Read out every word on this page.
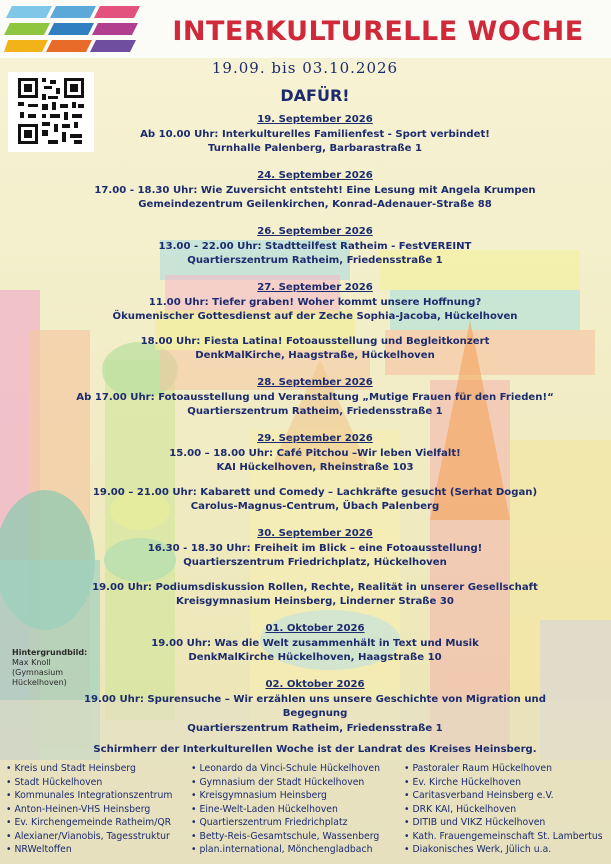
INTERKULTURELLE WOCHE
19.09. bis 03.10.2026
DAFÜR!
19. September 2026
Ab 10.00 Uhr: Interkulturelles Familienfest - Sport verbindet!
Turnhalle Palenberg, Barbarastraße 1
24. September 2026
17.00 - 18.30 Uhr: Wie Zuversicht entsteht! Eine Lesung mit Angela Krumpen
Gemeindezentrum Geilenkirchen, Konrad-Adenauer-Straße 88
26. September 2026
13.00 - 22.00 Uhr: Stadtteilfest Ratheim - FestVEREINT
Quartierszentrum Ratheim, Friedensstraße 1
27. September 2026
11.00 Uhr: Tiefer graben! Woher kommt unsere Hoffnung?
Ökumenischer Gottesdienst auf der Zeche Sophia-Jacoba, Hückelhoven
18.00 Uhr: Fiesta Latina! Fotoausstellung und Begleitkonzert
DenkMalKirche, Haagstraße, Hückelhoven
28. September 2026
Ab 17.00 Uhr: Fotoausstellung und Veranstaltung „Mutige Frauen für den Frieden!“
Quartierszentrum Ratheim, Friedensstraße 1
29. September 2026
15.00 – 18.00 Uhr: Café Pitchou –Wir leben Vielfalt!
KAI Hückelhoven, Rheinstraße 103
19.00 – 21.00 Uhr: Kabarett und Comedy – Lachkräfte gesucht (Serhat Dogan)
Carolus-Magnus-Centrum, Übach Palenberg
30. September 2026
16.30 - 18.30 Uhr: Freiheit im Blick – eine Fotoausstellung!
Quartierszentrum Friedrichplatz, Hückelhoven
19.00 Uhr: Podiumsdiskussion Rollen, Rechte, Realität in unserer Gesellschaft
Kreisgymnasium Heinsberg, Linderner Straße 30
01. Oktober 2026
19.00 Uhr: Was die Welt zusammenhält in Text und Musik
DenkMalKirche Hückelhoven, Haagstraße 10
02. Oktober 2026
19.00 Uhr: Spurensuche – Wir erzählen uns unsere Geschichte von Migration und Begegnung
Quartierszentrum Ratheim, Friedensstraße 1
Hintergrundbild:
Max Knoll
(Gymnasium
Hückelhoven)
Schirmherr der Interkulturellen Woche ist der Landrat des Kreises Heinsberg.
• Kreis und Stadt Heinsberg
• Stadt Hückelhoven
• Kommunales Integrationszentrum
• Anton-Heinen-VHS Heinsberg
• Ev. Kirchengemeinde Ratheim/QR
• Alexianer/Vianobis, Tagesstruktur
• NRWeltoffen
• Leonardo da Vinci-Schule Hückelhoven
• Gymnasium der Stadt Hückelhoven
• Kreisgymnasium Heinsberg
• Eine-Welt-Laden Hückelhoven
• Quartierszentrum Friedrichplatz
• Betty-Reis-Gesamtschule, Wassenberg
• plan.international, Mönchengladbach
• Pastoraler Raum Hückelhoven
• Ev. Kirche Hückelhoven
• Caritasverband Heinsberg e.V.
• DRK KAI, Hückelhoven
• DITIB und VIKZ Hückelhoven
• Kath. Frauengemeinschaft St. Lambertus
• Diakonisches Werk, Jülich u.a.
